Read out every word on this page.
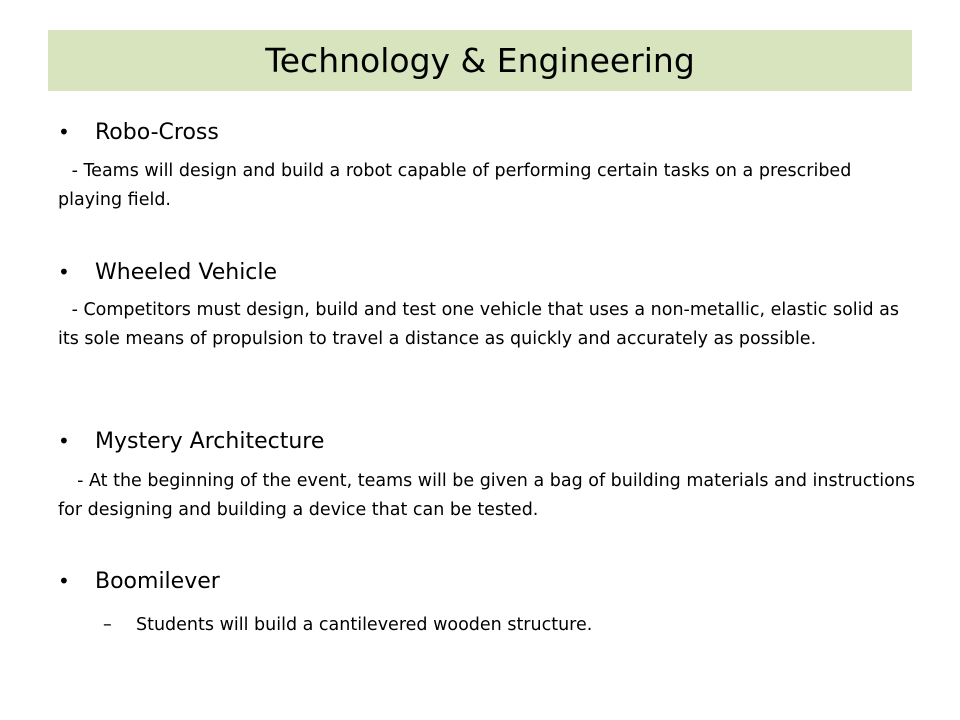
Technology & Engineering
• Robo-Cross
- Teams will design and build a robot capable of performing certain tasks on a prescribed playing field.
• Wheeled Vehicle
- Competitors must design, build and test one vehicle that uses a non-metallic, elastic solid as its sole means of propulsion to travel a distance as quickly and accurately as possible.
• Mystery Architecture
- At the beginning of the event, teams will be given a bag of building materials and instructions for designing and building a device that can be tested.
• Boomilever
– Students will build a cantilevered wooden structure.
